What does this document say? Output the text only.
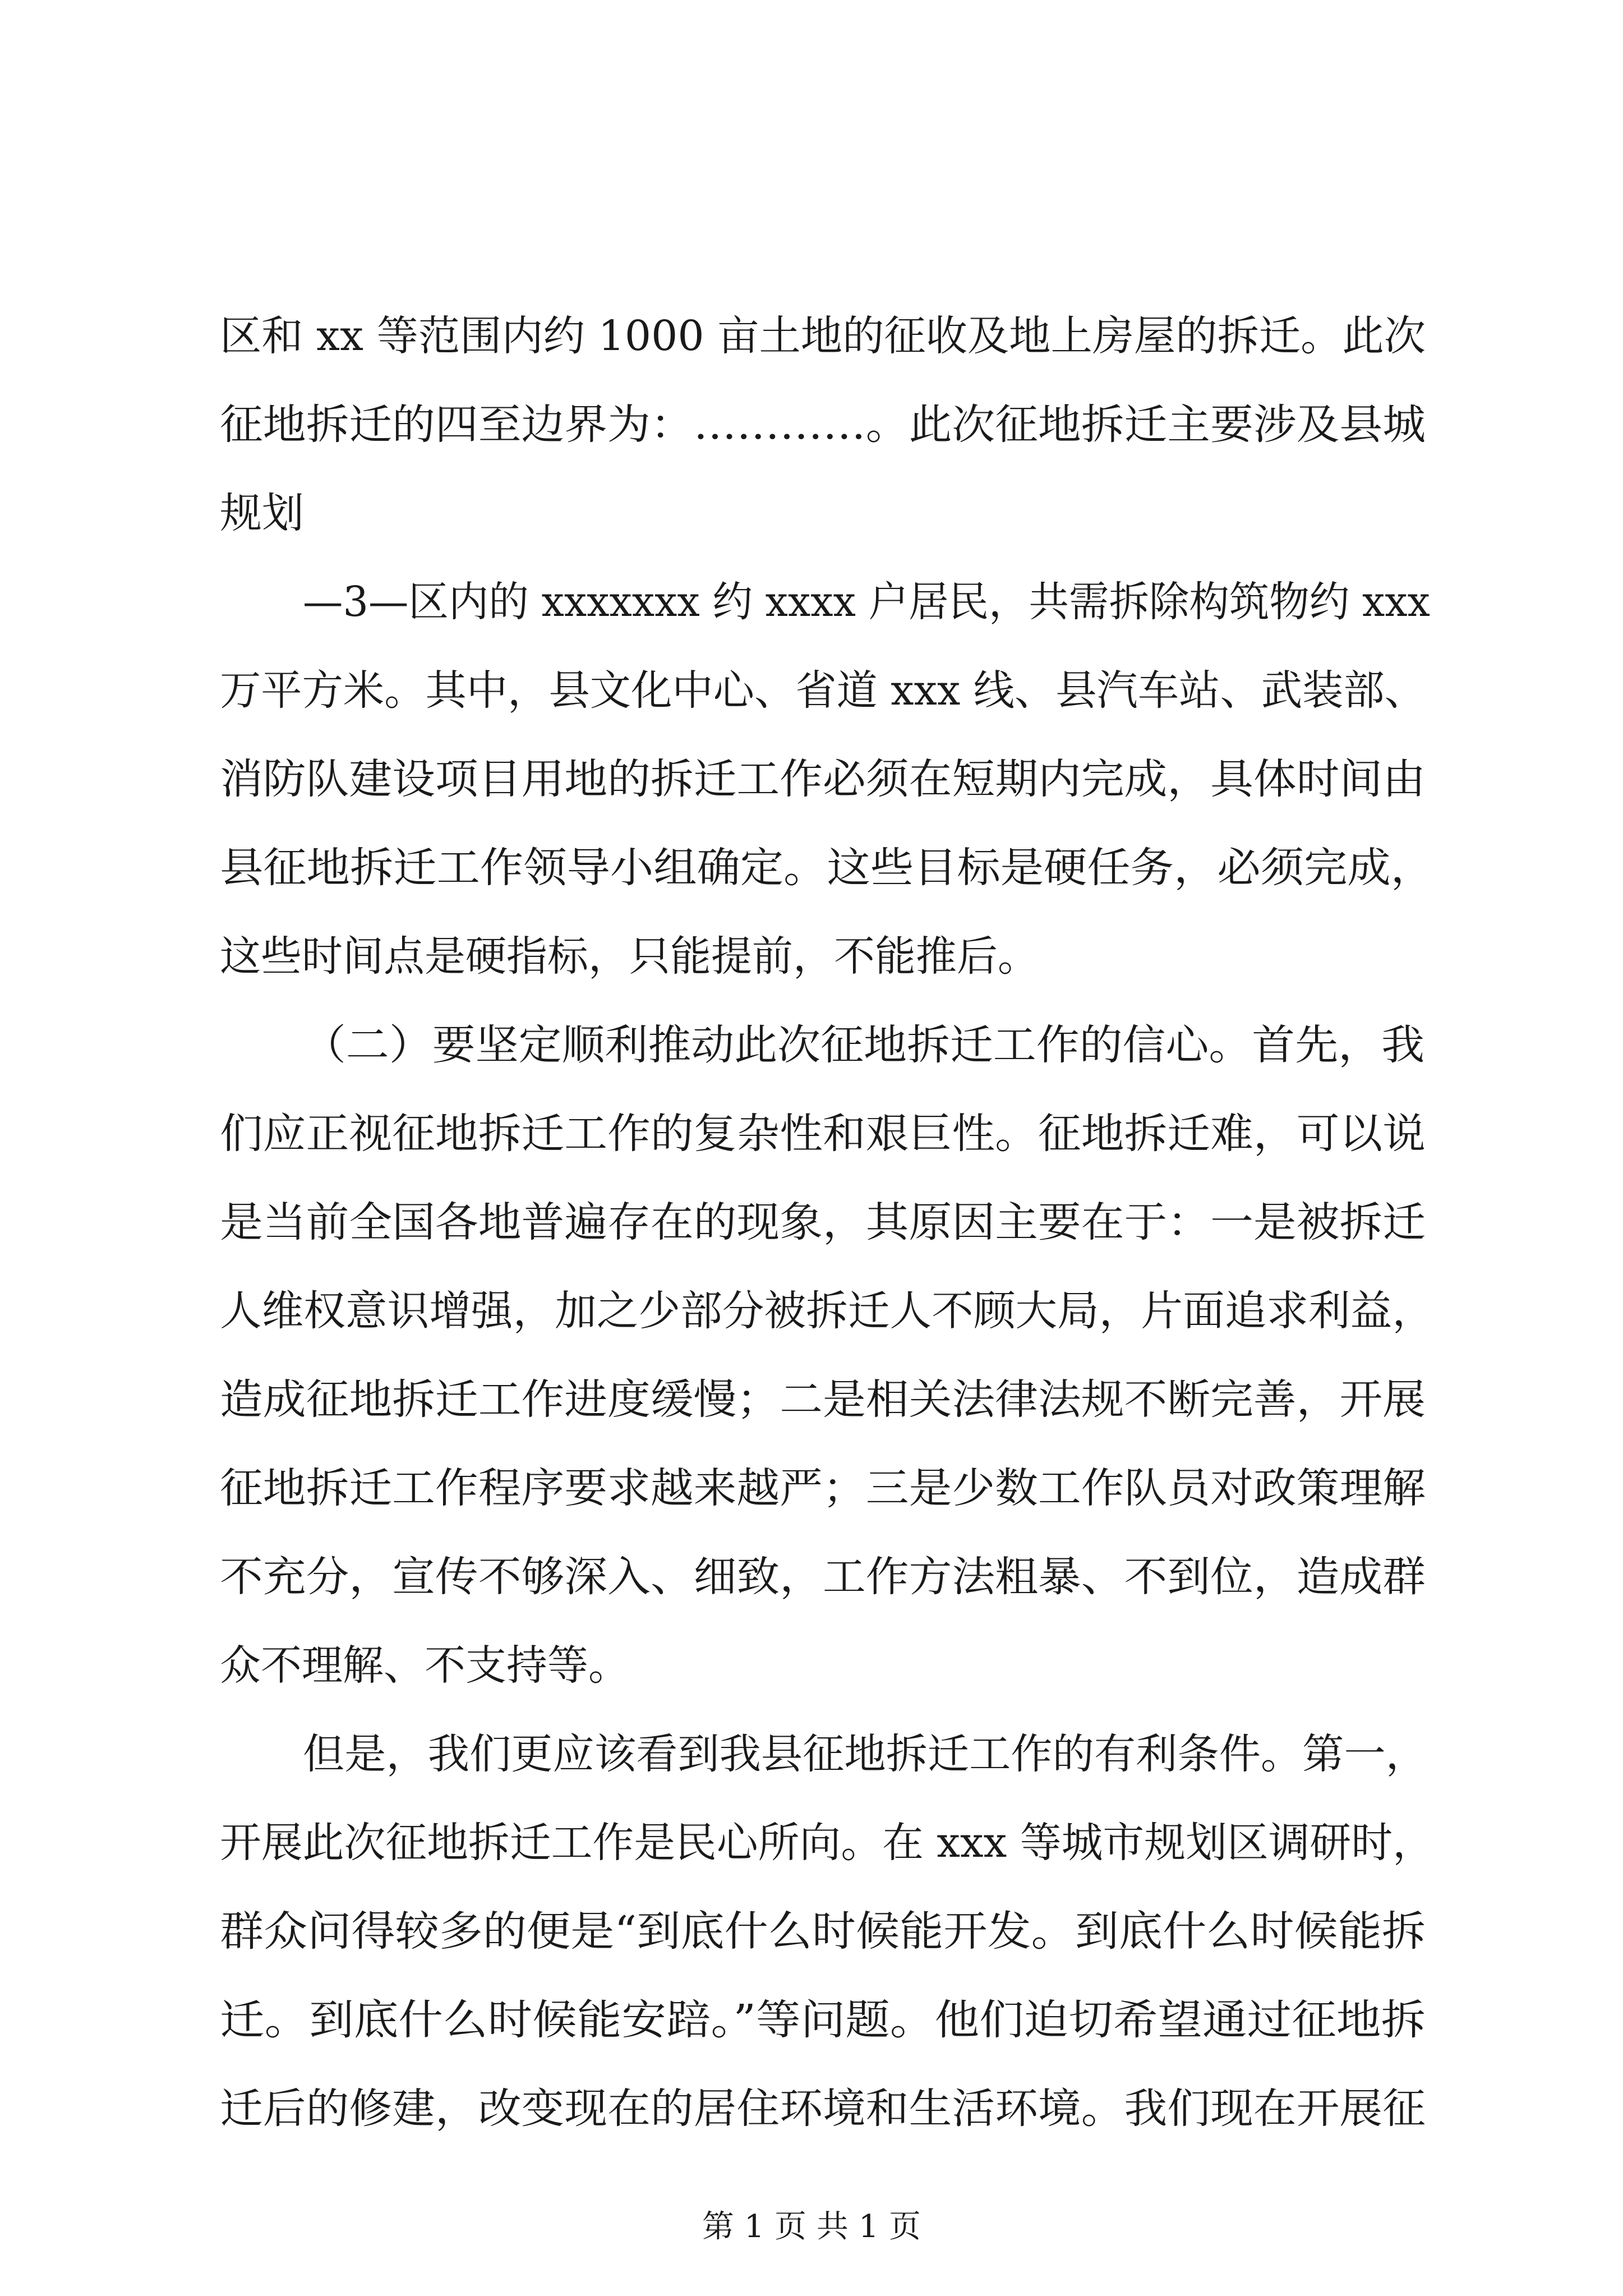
区和 xx 等范围内约 1000 亩土地的征收及地上房屋的拆迁。此次
征地拆迁的四至边界为：…………。此次征地拆迁主要涉及县城
规划
—3—区内的 xxxxxxx 约 xxxx 户居民，共需拆除构筑物约 xxx
万平方米。其中，县文化中心、省道 xxx 线、县汽车站、武装部、
消防队建设项目用地的拆迁工作必须在短期内完成，具体时间由
县征地拆迁工作领导小组确定。这些目标是硬任务，必须完成，
这些时间点是硬指标，只能提前，不能推后。
（二）要坚定顺利推动此次征地拆迁工作的信心。首先，我
们应正视征地拆迁工作的复杂性和艰巨性。征地拆迁难，可以说
是当前全国各地普遍存在的现象，其原因主要在于：一是被拆迁
人维权意识增强，加之少部分被拆迁人不顾大局，片面追求利益，
造成征地拆迁工作进度缓慢；二是相关法律法规不断完善，开展
征地拆迁工作程序要求越来越严；三是少数工作队员对政策理解
不充分，宣传不够深入、细致，工作方法粗暴、不到位，造成群
众不理解、不支持等。
但是，我们更应该看到我县征地拆迁工作的有利条件。第一，
开展此次征地拆迁工作是民心所向。在 xxx 等城市规划区调研时，
群众问得较多的便是“到底什么时候能开发。到底什么时候能拆
迁。到底什么时候能安踣。”等问题。他们迫切希望通过征地拆
迁后的修建，改变现在的居住环境和生活环境。我们现在开展征
第 1 页 共 1 页
